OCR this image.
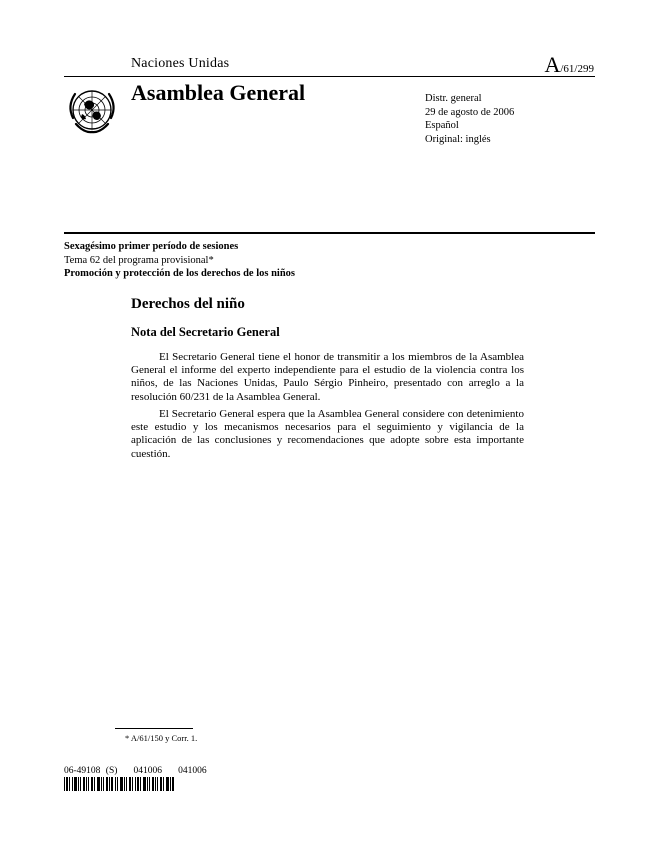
Naciones Unidas	A/61/299
Asamblea General	Distr. general
29 de agosto de 2006
Español
Original: inglés
Sexagésimo primer período de sesiones
Tema 62 del programa provisional*
Promoción y protección de los derechos de los niños
Derechos del niño
Nota del Secretario General

El Secretario General tiene el honor de transmitir a los miembros de la Asamblea General el informe del experto independiente para el estudio de la violencia contra los niños, de las Naciones Unidas, Paulo Sérgio Pinheiro, presentado con arreglo a la resolución 60/231 de la Asamblea General.

El Secretario General espera que la Asamblea General considere con detenimiento este estudio y los mecanismos necesarios para el seguimiento y vigilancia de la aplicación de las conclusiones y recomendaciones que adopte sobre esta importante cuestión.

* A/61/150 y Corr. 1.
06-49108 (S)   041006   041006
